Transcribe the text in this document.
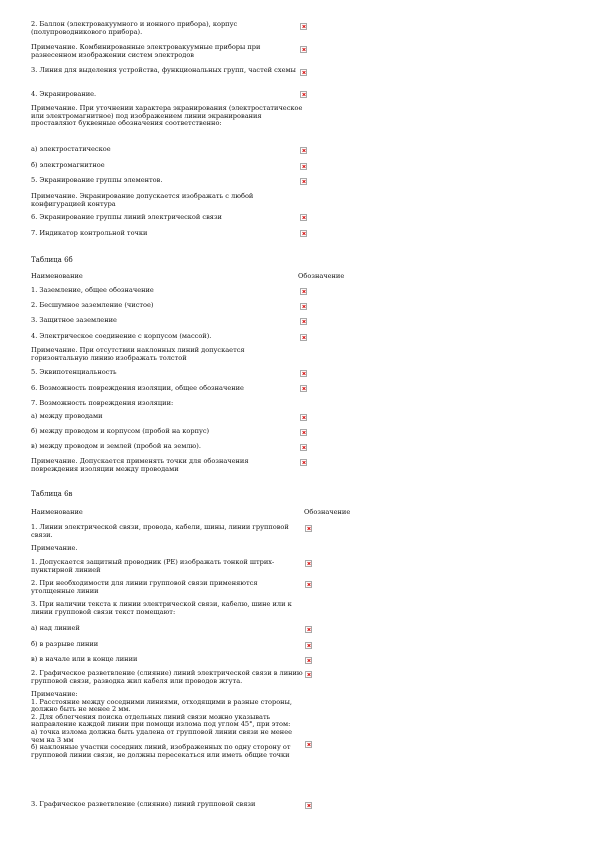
2. Баллон (электровакуумного и ионного прибора), корпус (полупроводникового прибора).
Примечание. Комбинированные электровакуумные приборы при разнесенном изображении систем электродов
3. Линия для выделения устройства, функциональных групп, частей схемы
4. Экранирование.
Примечание. При уточнении характера экранирования (электростатическое или электромагнитное) под изображением линии экранирования проставляют буквенные обозначения соответственно:
а) электростатическое
б) электромагнитное
5. Экранирование группы элементов.
Примечание. Экранирование допускается изображать с любой конфигурацией контура
6. Экранирование группы линий электрической связи
7. Индикатор контрольной точки
Таблица 6б
Наименование	Обозначение
1. Заземление, общее обозначение
2. Бесшумное заземление (чистое)
3. Защитное заземление
4. Электрическое соединение с корпусом (массой).
Примечание. При отсутствии наклонных линий допускается горизонтальную линию изображать толстой
5. Эквипотенциальность
6. Возможность повреждения изоляции, общее обозначение
7. Возможность повреждения изоляции:
а) между проводами
б) между проводом и корпусом (пробой на корпус)
в) между проводом и землей (пробой на землю).
Примечание. Допускается применять точки для обозначения повреждения изоляции между проводами
Таблица 6в
Наименование	Обозначение
1. Линии электрической связи, провода, кабели, шины, линии групповой связи.
Примечание.
1. Допускается защитный проводник (РЕ) изображать тонкой штрих-пунктирной линией
2. При необходимости для линии групповой связи применяются утолщенные линии
3. При наличии текста к линии электрической связи, кабелю, шине или к линии групповой связи текст помещают:
а) над линией
б) в разрыве линии
в) в начале или в конце линии
2. Графическое разветвление (слияние) линий электрической связи в линию групповой связи, разводка жил кабеля или проводов жгута.
Примечание:
1. Расстояние между соседними линиями, отходящими в разные стороны, должно быть не менее 2 мм.
2. Для облегчения поиска отдельных линий связи можно указывать направление каждой линии при помощи излома под углом 45°, при этом:
а) точка излома должна быть удалена от групповой линии связи не менее чем на 3 мм
б) наклонные участки соседних линий, изображенных по одну сторону от групповой линии связи, не должны пересекаться или иметь общие точки
3. Графическое разветвление (слияние) линий групповой связи
